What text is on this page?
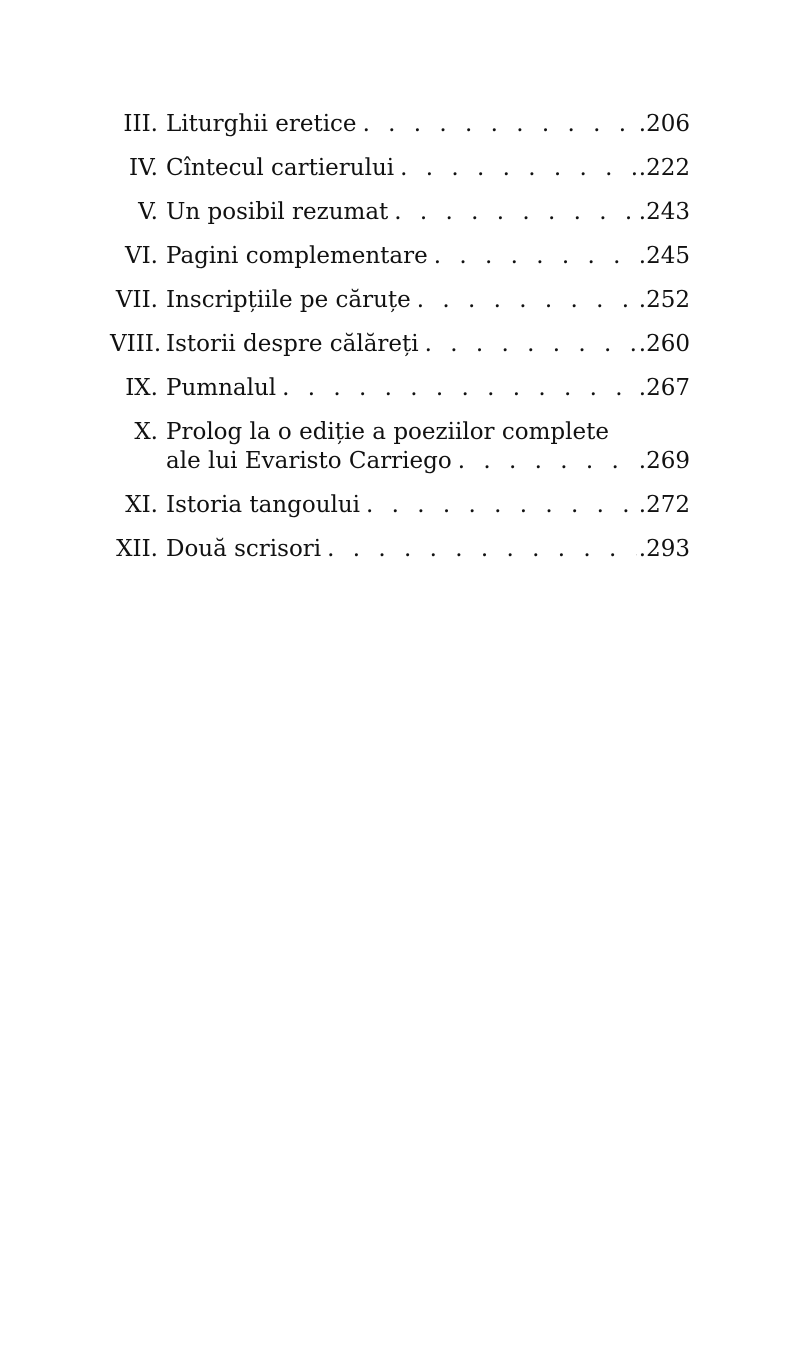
III. Liturghii eretice . . .	.206
IV. Cîntecul cartierului . . .	.222
V. Un posibil rezumat . . .	.243
VI. Pagini complementare . . .	.245
VII. Inscripțiile pe căruțe . . .	.252
VIII. Istorii despre călăreți . . .	.260
IX. Pumnalul . . .	.267
X. Prolog la o ediție a poeziilor complete
ale lui Evaristo Carriego . . .	.269
XI. Istoria tangoului . . .	.272
XII. Două scrisori . . .	.293
